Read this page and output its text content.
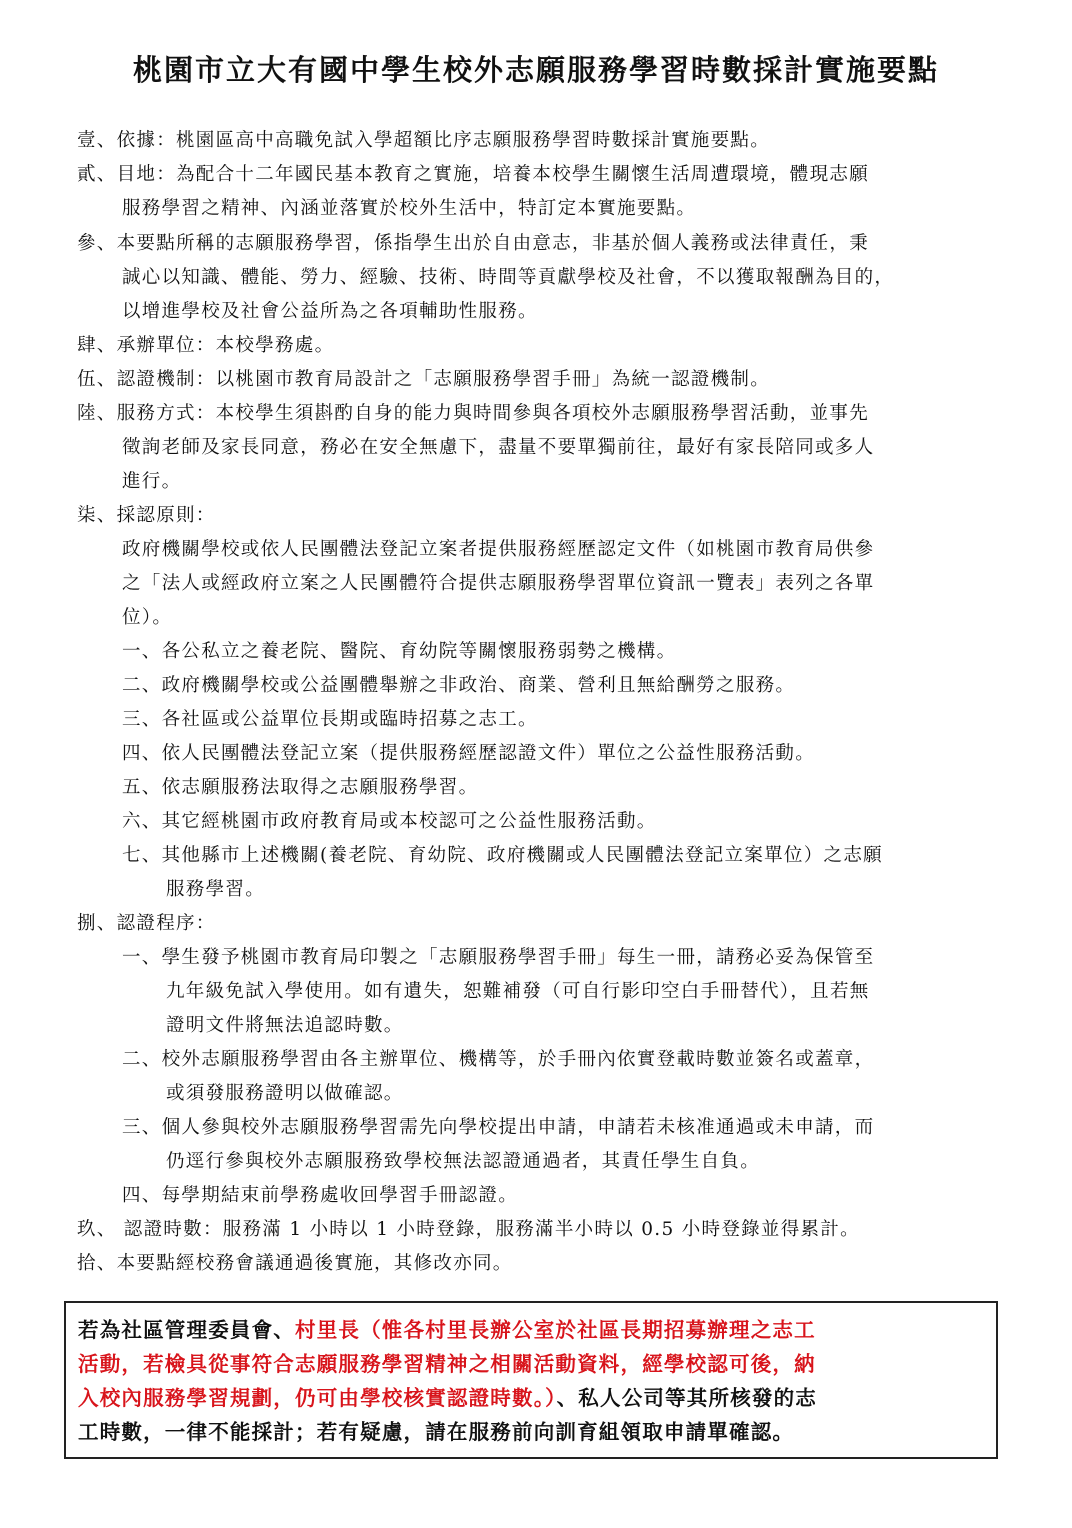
桃園市立大有國中學生校外志願服務學習時數採計實施要點
壹、依據：桃園區高中高職免試入學超額比序志願服務學習時數採計實施要點。
貳、目地：為配合十二年國民基本教育之實施，培養本校學生關懷生活周遭環境，體現志願
服務學習之精神、內涵並落實於校外生活中，特訂定本實施要點。
參、本要點所稱的志願服務學習，係指學生出於自由意志，非基於個人義務或法律責任，秉
誠心以知識、體能、勞力、經驗、技術、時間等貢獻學校及社會，不以獲取報酬為目的，
以增進學校及社會公益所為之各項輔助性服務。
肆、承辦單位：本校學務處。
伍、認證機制：以桃園市教育局設計之「志願服務學習手冊」為統一認證機制。
陸、服務方式：本校學生須斟酌自身的能力與時間參與各項校外志願服務學習活動，並事先
徵詢老師及家長同意，務必在安全無慮下，盡量不要單獨前往，最好有家長陪同或多人
進行。
柒、採認原則：
政府機關學校或依人民團體法登記立案者提供服務經歷認定文件（如桃園市教育局供參
之「法人或經政府立案之人民團體符合提供志願服務學習單位資訊一覽表」表列之各單
位）。
一、各公私立之養老院、醫院、育幼院等關懷服務弱勢之機構。
二、政府機關學校或公益團體舉辦之非政治、商業、營利且無給酬勞之服務。
三、各社區或公益單位長期或臨時招募之志工。
四、依人民團體法登記立案（提供服務經歷認證文件）單位之公益性服務活動。
五、依志願服務法取得之志願服務學習。
六、其它經桃園市政府教育局或本校認可之公益性服務活動。
七、其他縣市上述機關(養老院、育幼院、政府機關或人民團體法登記立案單位）之志願
服務學習。
捌、認證程序：
一、學生發予桃園市教育局印製之「志願服務學習手冊」每生一冊，請務必妥為保管至
九年級免試入學使用。如有遺失，恕難補發（可自行影印空白手冊替代），且若無
證明文件將無法追認時數。
二、校外志願服務學習由各主辦單位、機構等，於手冊內依實登載時數並簽名或蓋章，
或須發服務證明以做確認。
三、個人參與校外志願服務學習需先向學校提出申請，申請若未核准通過或未申請，而
仍逕行參與校外志願服務致學校無法認證通過者，其責任學生自負。
四、每學期結束前學務處收回學習手冊認證。
玖、 認證時數：服務滿 1 小時以 1 小時登錄，服務滿半小時以 0.5 小時登錄並得累計。
拾、本要點經校務會議通過後實施，其修改亦同。
若為社區管理委員會、村里長（惟各村里長辦公室於社區長期招募辦理之志工
活動，若檢具從事符合志願服務學習精神之相關活動資料，經學校認可後，納
入校內服務學習規劃，仍可由學校核實認證時數。）、私人公司等其所核發的志
工時數，一律不能採計；若有疑慮，請在服務前向訓育組領取申請單確認。
